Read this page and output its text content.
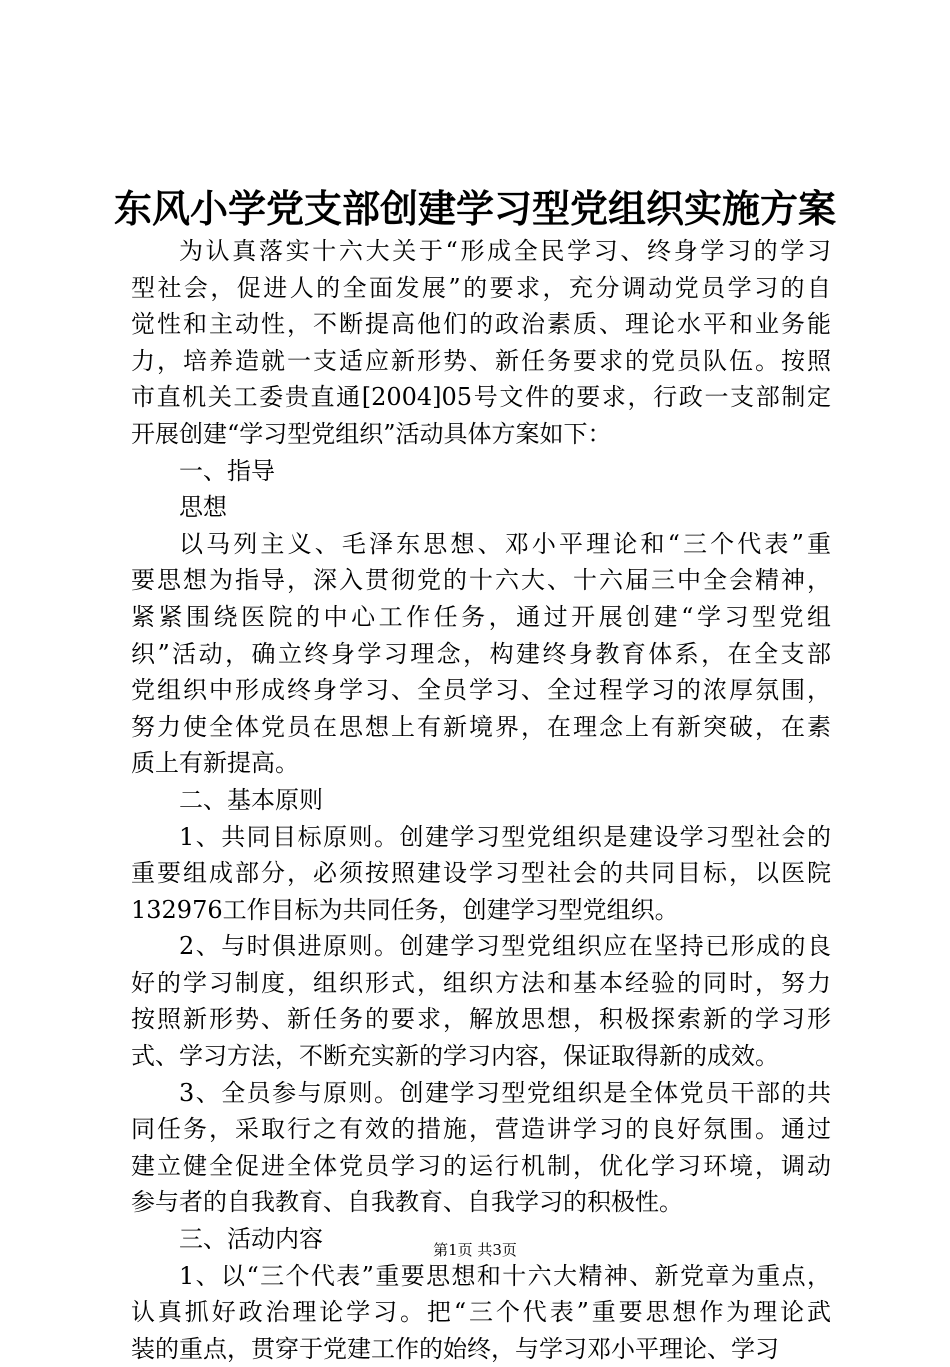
东风小学党支部创建学习型党组织实施方案
为认真落实十六大关于“形成全民学习、终身学习的学习
型社会，促进人的全面发展”的要求，充分调动党员学习的自
觉性和主动性，不断提高他们的政治素质、理论水平和业务能
力，培养造就一支适应新形势、新任务要求的党员队伍。按照
市直机关工委贵直通[2004]05号文件的要求，行政一支部制定
开展创建“学习型党组织”活动具体方案如下：
一、指导
思想
以马列主义、毛泽东思想、邓小平理论和“三个代表”重
要思想为指导，深入贯彻党的十六大、十六届三中全会精神，
紧紧围绕医院的中心工作任务，通过开展创建“学习型党组
织”活动，确立终身学习理念，构建终身教育体系，在全支部
党组织中形成终身学习、全员学习、全过程学习的浓厚氛围，
努力使全体党员在思想上有新境界，在理念上有新突破，在素
质上有新提高。
二、基本原则
1、共同目标原则。创建学习型党组织是建设学习型社会的
重要组成部分，必须按照建设学习型社会的共同目标，以医院
132976工作目标为共同任务，创建学习型党组织。
2、与时俱进原则。创建学习型党组织应在坚持已形成的良
好的学习制度，组织形式，组织方法和基本经验的同时，努力
按照新形势、新任务的要求，解放思想，积极探索新的学习形
式、学习方法，不断充实新的学习内容，保证取得新的成效。
3、全员参与原则。创建学习型党组织是全体党员干部的共
同任务，采取行之有效的措施，营造讲学习的良好氛围。通过
建立健全促进全体党员学习的运行机制，优化学习环境，调动
参与者的自我教育、自我教育、自我学习的积极性。
三、活动内容
1、以“三个代表”重要思想和十六大精神、新党章为重点，
认真抓好政治理论学习。把“三个代表”重要思想作为理论武
装的重点，贯穿于党建工作的始终，与学习邓小平理论、学习
第1页 共3页
